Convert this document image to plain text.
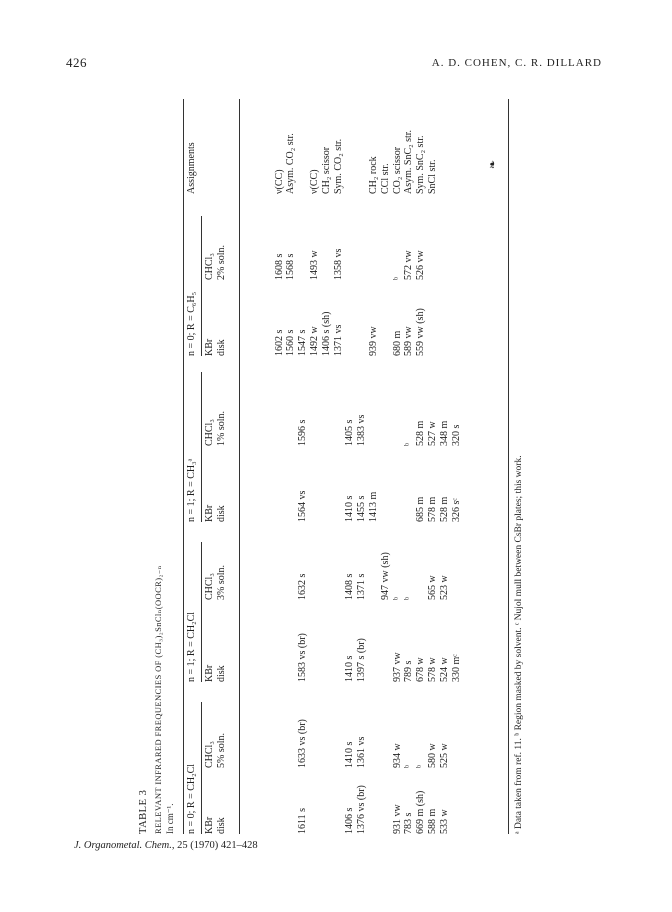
426	A. D. COHEN, C. R. DILLARD
❧
TABLE 3 RELEVANT INFRARED FREQUENCIES OF (CH₃)₂SnClₙ(OOCR)₂₋ₙ In cm⁻¹. n = 0; R = CH₂Cl
n = 1; R = CH₂Cl
n = 1; R = CH₃ᵃ
n = 0; R = C₆H₅
Assignments
KBr
disk
CHCl₃
5% soln.
KBr
disk
CHCl₃
3% soln.
KBr
disk
CHCl₃
1% soln.
KBr
disk
CHCl₃
2% soln.

1611 s

1406 s
1376 vs (br)

931 vw
783 s
669 m (sh)
588 m
533 w

1633 vs (br)

1410 s
1361 vs

934 w
ᵇ
ᵇ
580 w
525 w

1583 vs (br)

1410 s
1397 s (br)

937 vw
789 s
678 w
578 w
524 w
330 mᶜ

1632 s

1408 s
1371 s

947 vw (sh)
ᵇ
ᵇ

565 w
523 w

1564 vs

1410 s
1455 s
1413 m

685 m
578 m
528 m
326 sᶜ

1596 s

1405 s
1383 vs

ᵇ
528 m
527 w
348 m
320 s

1602 s
1560 s
1547 s
1492 w
1406 s (sh)
1371 vs

939 vw

680 m
589 vw
559 vw (sh)

1608 s
1568 s

1493 w

1358 vs

ᵇ
572 vw
526 vw

ν(CC)
Asym. CO₂ str.

ν(CC)
CH₂ scissor
Sym. CO₂ str.

CH₂ rock
CCl str.
CO₂ scissor
Asym. SnC₂ str.
Sym. SnC₂ str.
SnCl str.
ᵃ Data taken from ref. 11. ᵇ Region masked by solvent. ᶜ Nujol mull between CsBr plates; this work.
J. Organometal. Chem., 25 (1970) 421–428
